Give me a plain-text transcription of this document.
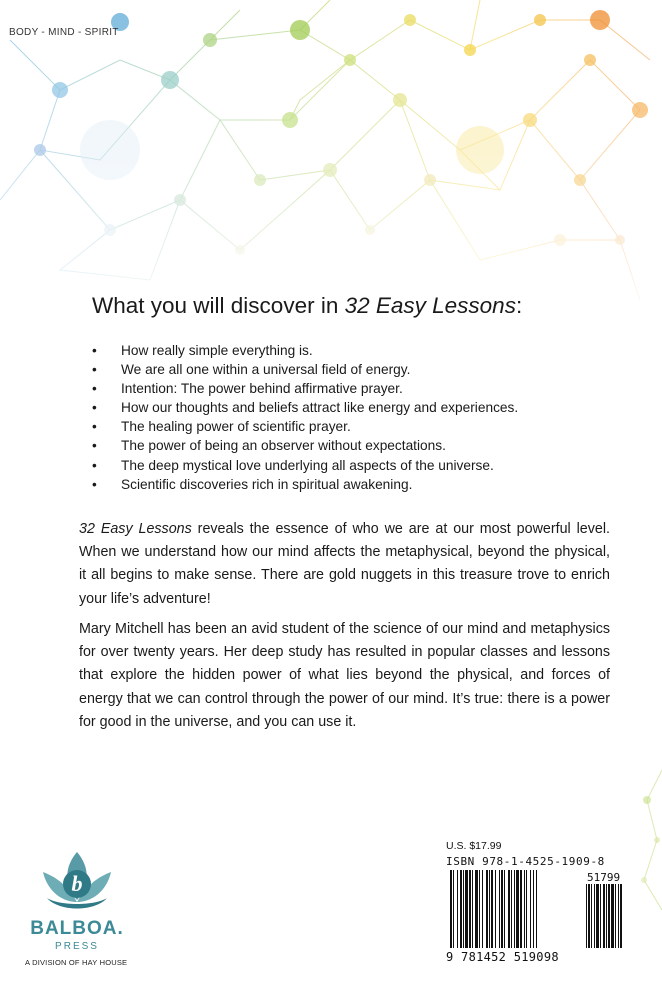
BODY - MIND - SPIRIT
What you will discover in 32 Easy Lessons:
• How really simple everything is.
• We are all one within a universal field of energy.
• Intention: The power behind affirmative prayer.
• How our thoughts and beliefs attract like energy and experiences.
• The healing power of scientific prayer.
• The power of being an observer without expectations.
• The deep mystical love underlying all aspects of the universe.
• Scientific discoveries rich in spiritual awakening.

32 Easy Lessons reveals the essence of who we are at our most powerful level. When we understand how our mind affects the metaphysical, beyond the physical, it all begins to make sense. There are gold nuggets in this treasure trove to enrich your life’s adventure!

Mary Mitchell has been an avid student of the science of our mind and metaphysics for over twenty years. Her deep study has resulted in popular classes and lessons that explore the hidden power of what lies beyond the physical, and forces of energy that we can control through the power of our mind. It’s true: there is a power for good in the universe, and you can use it.

b
BALBOA.
PRESS
A DIVISION OF HAY HOUSE
U.S. $17.99
ISBN 978-1-4525-1909-8
51799
9 781452 519098
